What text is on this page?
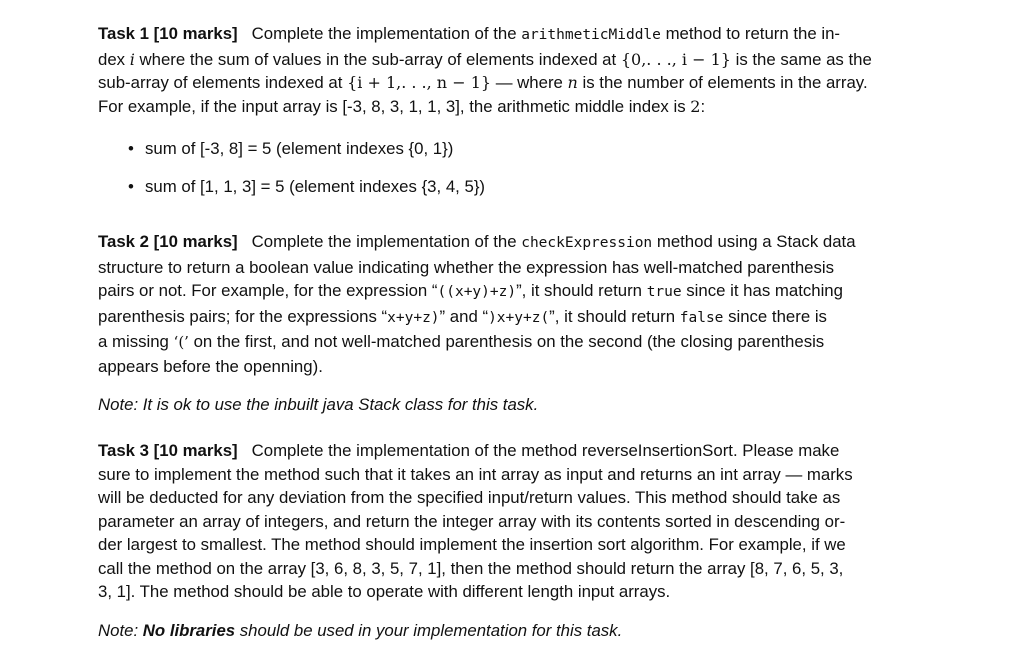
Task 1 [10 marks] Complete the implementation of the arithmeticMiddle method to return the in-
dex i where the sum of values in the sub-array of elements indexed at {0,. . ., i − 1} is the same as the
sub-array of elements indexed at {i + 1,. . ., n − 1} — where n is the number of elements in the array.
For example, if the input array is [-3, 8, 3, 1, 1, 3], the arithmetic middle index is 2:

• sum of [-3, 8] = 5 (element indexes {0, 1})
• sum of [1, 1, 3] = 5 (element indexes {3, 4, 5})

Task 2 [10 marks] Complete the implementation of the checkExpression method using a Stack data
structure to return a boolean value indicating whether the expression has well-matched parenthesis
pairs or not. For example, for the expression “((x+y)+z)”, it should return true since it has matching
parenthesis pairs; for the expressions “x+y+z)” and “)x+y+z(”, it should return false since there is
a missing ‘(’ on the first, and not well-matched parenthesis on the second (the closing parenthesis
appears before the openning).

Note: It is ok to use the inbuilt java Stack class for this task.

Task 3 [10 marks] Complete the implementation of the method reverseInsertionSort. Please make
sure to implement the method such that it takes an int array as input and returns an int array — marks
will be deducted for any deviation from the specified input/return values. This method should take as
parameter an array of integers, and return the integer array with its contents sorted in descending or-
der largest to smallest. The method should implement the insertion sort algorithm. For example, if we
call the method on the array [3, 6, 8, 3, 5, 7, 1], then the method should return the array [8, 7, 6, 5, 3,
3, 1]. The method should be able to operate with different length input arrays.

Note: No libraries should be used in your implementation for this task.
